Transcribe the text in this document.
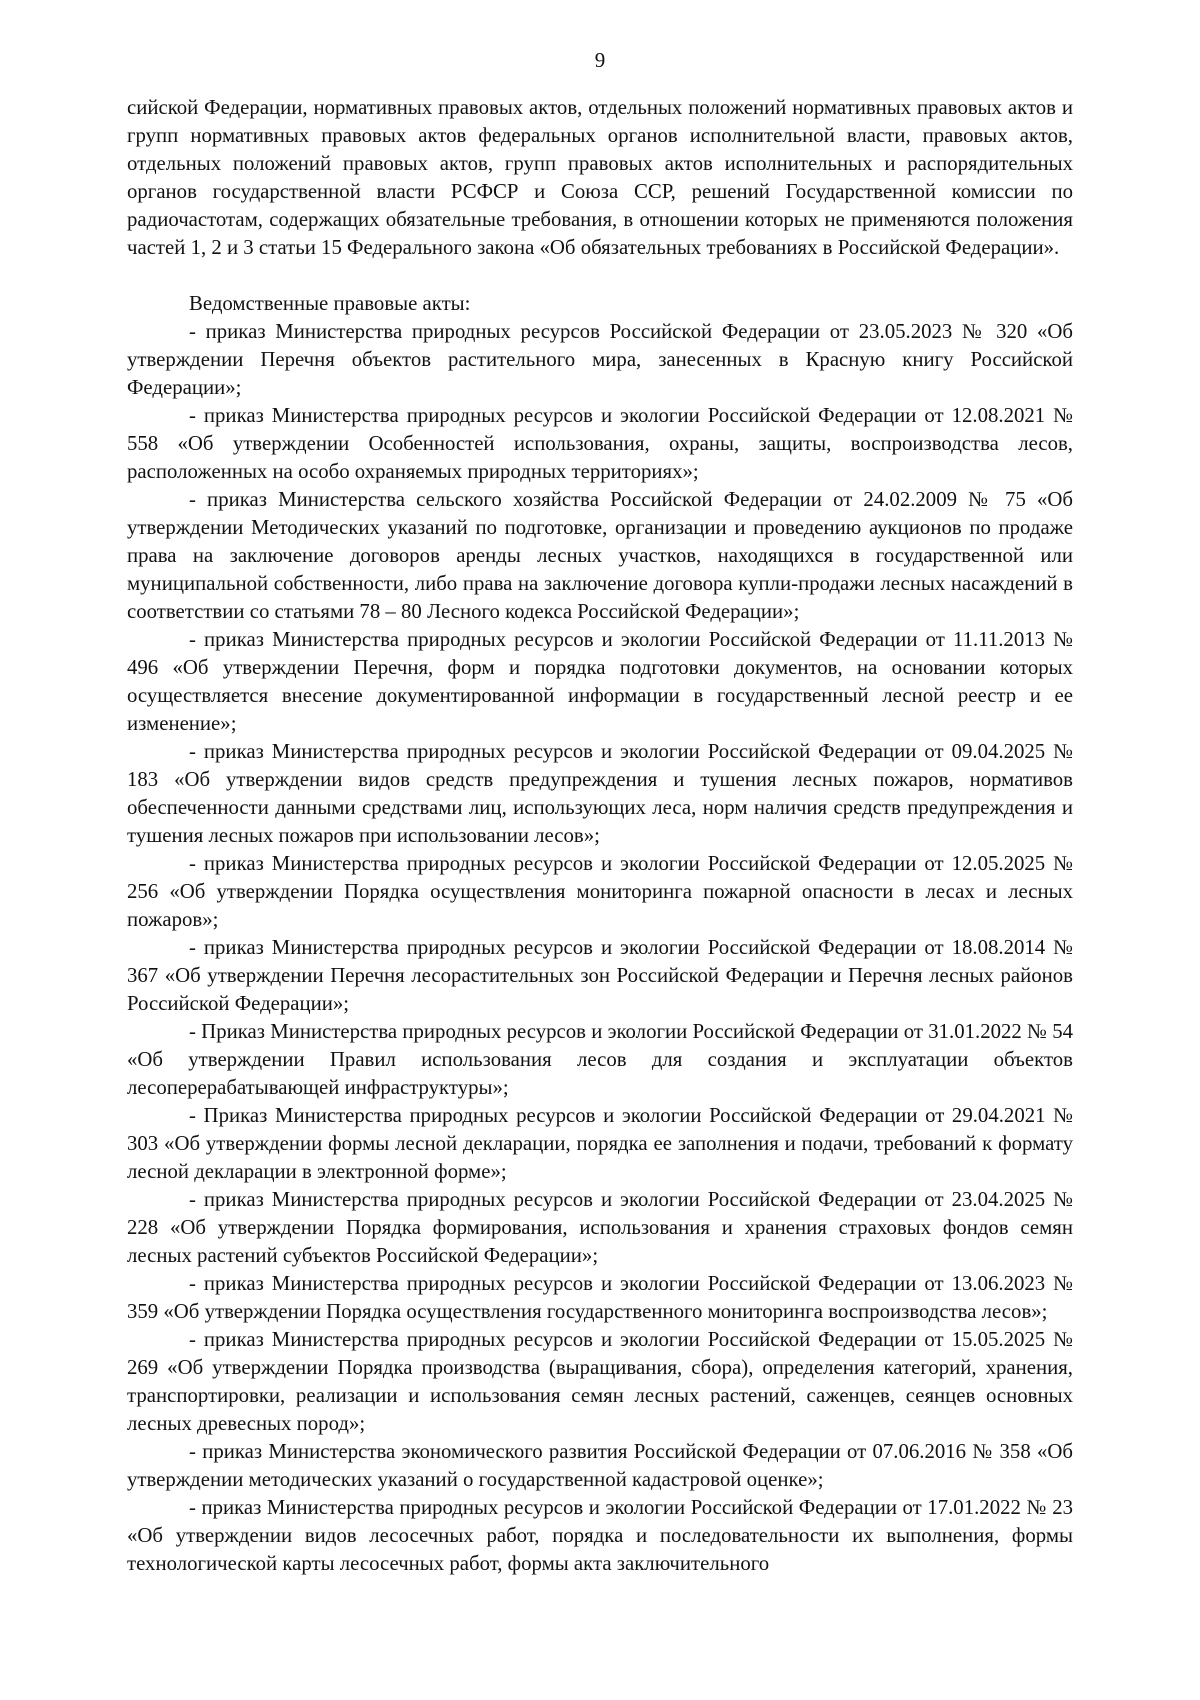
9

сийской Федерации, нормативных правовых актов, отдельных положений нормативных правовых актов и групп нормативных правовых актов федеральных органов исполнительной власти, правовых актов, отдельных положений правовых актов, групп правовых актов исполнительных и распорядительных органов государственной власти РСФСР и Союза ССР, решений Государственной комиссии по радиочастотам, содержащих обязательные требования, в отношении которых не применяются положения частей 1, 2 и 3 статьи 15 Федерального закона «Об обязательных требованиях в Российской Федерации».

Ведомственные правовые акты:

- приказ Министерства природных ресурсов Российской Федерации от 23.05.2023 № 320 «Об утверждении Перечня объектов растительного мира, занесенных в Красную книгу Российской Федерации»;

- приказ Министерства природных ресурсов и экологии Российской Федерации от 12.08.2021 № 558 «Об утверждении Особенностей использования, охраны, защиты, воспроизводства лесов, расположенных на особо охраняемых природных территориях»;

- приказ Министерства сельского хозяйства Российской Федерации от 24.02.2009 № 75 «Об утверждении Методических указаний по подготовке, организации и проведению аукционов по продаже права на заключение договоров аренды лесных участков, находящихся в государственной или муниципальной собственности, либо права на заключение договора купли-продажи лесных насаждений в соответствии со статьями 78 – 80 Лесного кодекса Российской Федерации»;

- приказ Министерства природных ресурсов и экологии Российской Федерации от 11.11.2013 № 496 «Об утверждении Перечня, форм и порядка подготовки документов, на основании которых осуществляется внесение документированной информации в государственный лесной реестр и ее изменение»;

- приказ Министерства природных ресурсов и экологии Российской Федерации от 09.04.2025 № 183 «Об утверждении видов средств предупреждения и тушения лесных пожаров, нормативов обеспеченности данными средствами лиц, использующих леса, норм наличия средств предупреждения и тушения лесных пожаров при использовании лесов»;

- приказ Министерства природных ресурсов и экологии Российской Федерации от 12.05.2025 № 256 «Об утверждении Порядка осуществления мониторинга пожарной опасности в лесах и лесных пожаров»;

- приказ Министерства природных ресурсов и экологии Российской Федерации от 18.08.2014 № 367 «Об утверждении Перечня лесорастительных зон Российской Федерации и Перечня лесных районов Российской Федерации»;

- Приказ Министерства природных ресурсов и экологии Российской Федерации от 31.01.2022 № 54 «Об утверждении Правил использования лесов для создания и эксплуатации объектов лесоперерабатывающей инфраструктуры»;

- Приказ Министерства природных ресурсов и экологии Российской Федерации от 29.04.2021 № 303 «Об утверждении формы лесной декларации, порядка ее заполнения и подачи, требований к формату лесной декларации в электронной форме»;

- приказ Министерства природных ресурсов и экологии Российской Федерации от 23.04.2025 № 228 «Об утверждении Порядка формирования, использования и хранения страховых фондов семян лесных растений субъектов Российской Федерации»;

- приказ Министерства природных ресурсов и экологии Российской Федерации от 13.06.2023 № 359 «Об утверждении Порядка осуществления государственного мониторинга воспроизводства лесов»;

- приказ Министерства природных ресурсов и экологии Российской Федерации от 15.05.2025 № 269 «Об утверждении Порядка производства (выращивания, сбора), определения категорий, хранения, транспортировки, реализации и использования семян лесных растений, саженцев, сеянцев основных лесных древесных пород»;

- приказ Министерства экономического развития Российской Федерации от 07.06.2016 № 358 «Об утверждении методических указаний о государственной кадастровой оценке»;

- приказ Министерства природных ресурсов и экологии Российской Федерации от 17.01.2022 № 23 «Об утверждении видов лесосечных работ, порядка и последовательности их выполнения, формы технологической карты лесосечных работ, формы акта заключительного
